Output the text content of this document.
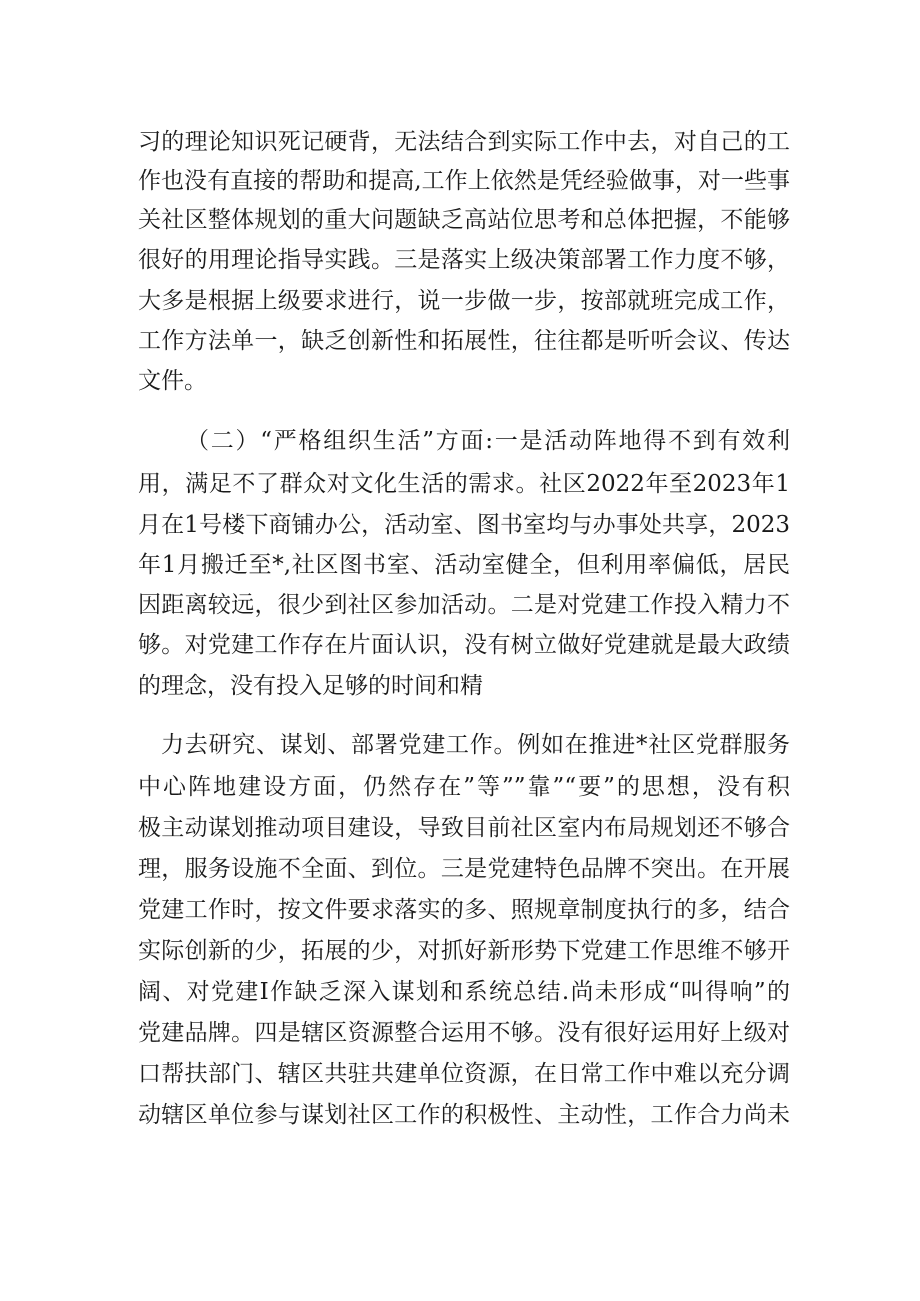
习的理论知识死记硬背，无法结合到实际工作中去，对自己的工
作也没有直接的帮助和提高,工作上依然是凭经验做事，对一些事
关社区整体规划的重大问题缺乏高站位思考和总体把握，不能够
很好的用理论指导实践。三是落实上级决策部署工作力度不够，
大多是根据上级要求进行，说一步做一步，按部就班完成工作，
工作方法单一，缺乏创新性和拓展性，往往都是听听会议、传达
文件。
（二）“严格组织生活”方面:一是活动阵地得不到有效利
用，满足不了群众对文化生活的需求。社区2022年至2023年1
月在1号楼下商铺办公，活动室、图书室均与办事处共享，2023
年1月搬迁至*,社区图书室、活动室健全，但利用率偏低，居民
因距离较远，很少到社区参加活动。二是对党建工作投入精力不
够。对党建工作存在片面认识，没有树立做好党建就是最大政绩
的理念，没有投入足够的时间和精
力去研究、谋划、部署党建工作。例如在推进*社区党群服务
中心阵地建设方面，仍然存在”等””靠”“要”的思想，没有积
极主动谋划推动项目建设，导致目前社区室内布局规划还不够合
理，服务设施不全面、到位。三是党建特色品牌不突出。在开展
党建工作时，按文件要求落实的多、照规章制度执行的多，结合
实际创新的少，拓展的少，对抓好新形势下党建工作思维不够开
阔、对党建I作缺乏深入谋划和系统总结.尚未形成“叫得响”的
党建品牌。四是辖区资源整合运用不够。没有很好运用好上级对
口帮扶部门、辖区共驻共建单位资源，在日常工作中难以充分调
动辖区单位参与谋划社区工作的积极性、主动性，工作合力尚未
